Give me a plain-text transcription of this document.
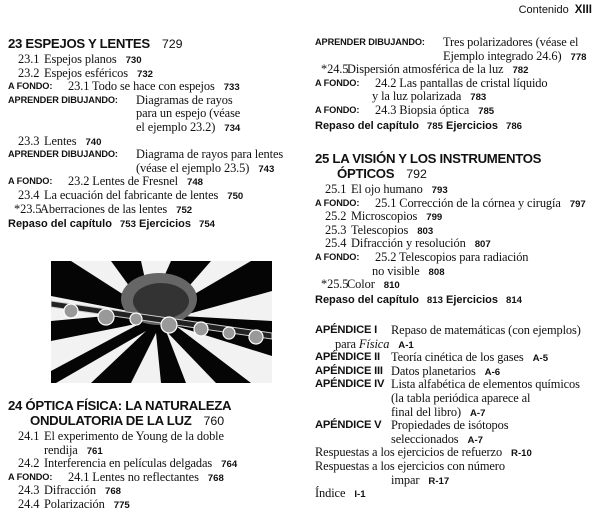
Contenido XIII
23 ESPEJOS Y LENTES 729
23.1 Espejos planos 730
23.2 Espejos esféricos 732
A FONDO: 23.1 Todo se hace con espejos 733
APRENDER DIBUJANDO: Diagramas de rayos
para un espejo (véase
el ejemplo 23.2) 734
23.3 Lentes 740
APRENDER DIBUJANDO: Diagrama de rayos para lentes
(véase el ejemplo 23.5) 743
A FONDO: 23.2 Lentes de Fresnel 748
23.4 La ecuación del fabricante de lentes 750
*23.5Aberraciones de las lentes 752
Repaso del capítulo 753 Ejercicios 754
24 ÓPTICA FÍSICA: LA NATURALEZA
ONDULATORIA DE LA LUZ 760
24.1 El experimento de Young de la doble
rendija 761
24.2 Interferencia en películas delgadas 764
A FONDO: 24.1 Lentes no reflectantes 768
24.3 Difracción 768
24.4 Polarización 775
APRENDER DIBUJANDO: Tres polarizadores (véase el
Ejemplo integrado 24.6) 778
*24.5Dispersión atmosférica de la luz 782
A FONDO: 24.2 Las pantallas de cristal líquido
y la luz polarizada 783
A FONDO: 24.3 Biopsia óptica 785
Repaso del capítulo 785 Ejercicios 786
25 LA VISIÓN Y LOS INSTRUMENTOS
ÓPTICOS 792
25.1 El ojo humano 793
A FONDO: 25.1 Corrección de la córnea y cirugía 797
25.2 Microscopios 799
25.3 Telescopios 803
25.4 Difracción y resolución 807
A FONDO: 25.2 Telescopios para radiación
no visible 808
*25.5Color 810
Repaso del capítulo 813 Ejercicios 814
APÉNDICE I Repaso de matemáticas (con ejemplos)
para Física A-1
APÉNDICE II Teoría cinética de los gases A-5
APÉNDICE III Datos planetarios A-6
APÉNDICE IV Lista alfabética de elementos químicos
(la tabla periódica aparece al
final del libro) A-7
APÉNDICE V Propiedades de isótopos
seleccionados A-7
Respuestas a los ejercicios de refuerzo R-10
Respuestas a los ejercicios con número
impar R-17
Índice I-1
